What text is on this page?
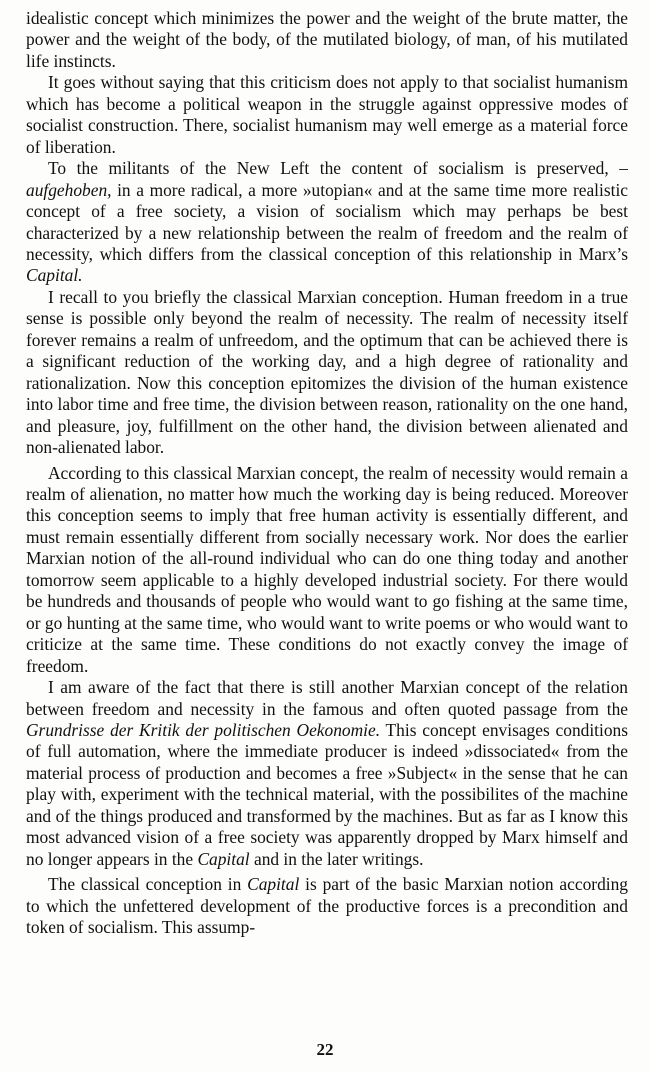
idealistic concept which minimizes the power and the weight of the brute matter, the power and the weight of the body, of the mutilated biology, of man, of his mutilated life instincts.

It goes without saying that this criticism does not apply to that socialist humanism which has become a political weapon in the struggle against oppressive modes of socialist construction. There, socialist humanism may well emerge as a material force of liberation.

To the militants of the New Left the content of socialism is preserved, – aufgehoben, in a more radical, a more »utopian« and at the same time more realistic concept of a free society, a vision of socialism which may perhaps be best characterized by a new relationship between the realm of freedom and the realm of necessity, which differs from the classical conception of this relationship in Marx’s Capital.

I recall to you briefly the classical Marxian conception. Human freedom in a true sense is possible only beyond the realm of necessity. The realm of necessity itself forever remains a realm of unfreedom, and the optimum that can be achieved there is a significant reduction of the working day, and a high degree of rationality and rationalization. Now this conception epitomizes the division of the human existence into labor time and free time, the division between reason, rationality on the one hand, and pleasure, joy, fulfillment on the other hand, the division between alienated and non-alienated labor.

According to this classical Marxian concept, the realm of necessity would remain a realm of alienation, no matter how much the working day is being reduced. Moreover this conception seems to imply that free human activity is essentially different, and must remain essentially different from socially necessary work. Nor does the earlier Marxian notion of the all-round individual who can do one thing today and another tomorrow seem applicable to a highly developed industrial society. For there would be hundreds and thousands of people who would want to go fishing at the same time, or go hunting at the same time, who would want to write poems or who would want to criticize at the same time. These conditions do not exactly convey the image of freedom.

I am aware of the fact that there is still another Marxian concept of the relation between freedom and necessity in the famous and often quoted passage from the Grundrisse der Kritik der politischen Oekonomie. This concept envisages conditions of full automation, where the immediate producer is indeed »dissociated« from the material process of production and becomes a free »Subject« in the sense that he can play with, experiment with the technical material, with the possibilites of the machine and of the things produced and transformed by the machines. But as far as I know this most advanced vision of a free society was apparently dropped by Marx himself and no longer appears in the Capital and in the later writings.

The classical conception in Capital is part of the basic Marxian notion according to which the unfettered development of the productive forces is a precondition and token of socialism. This assump-

22
